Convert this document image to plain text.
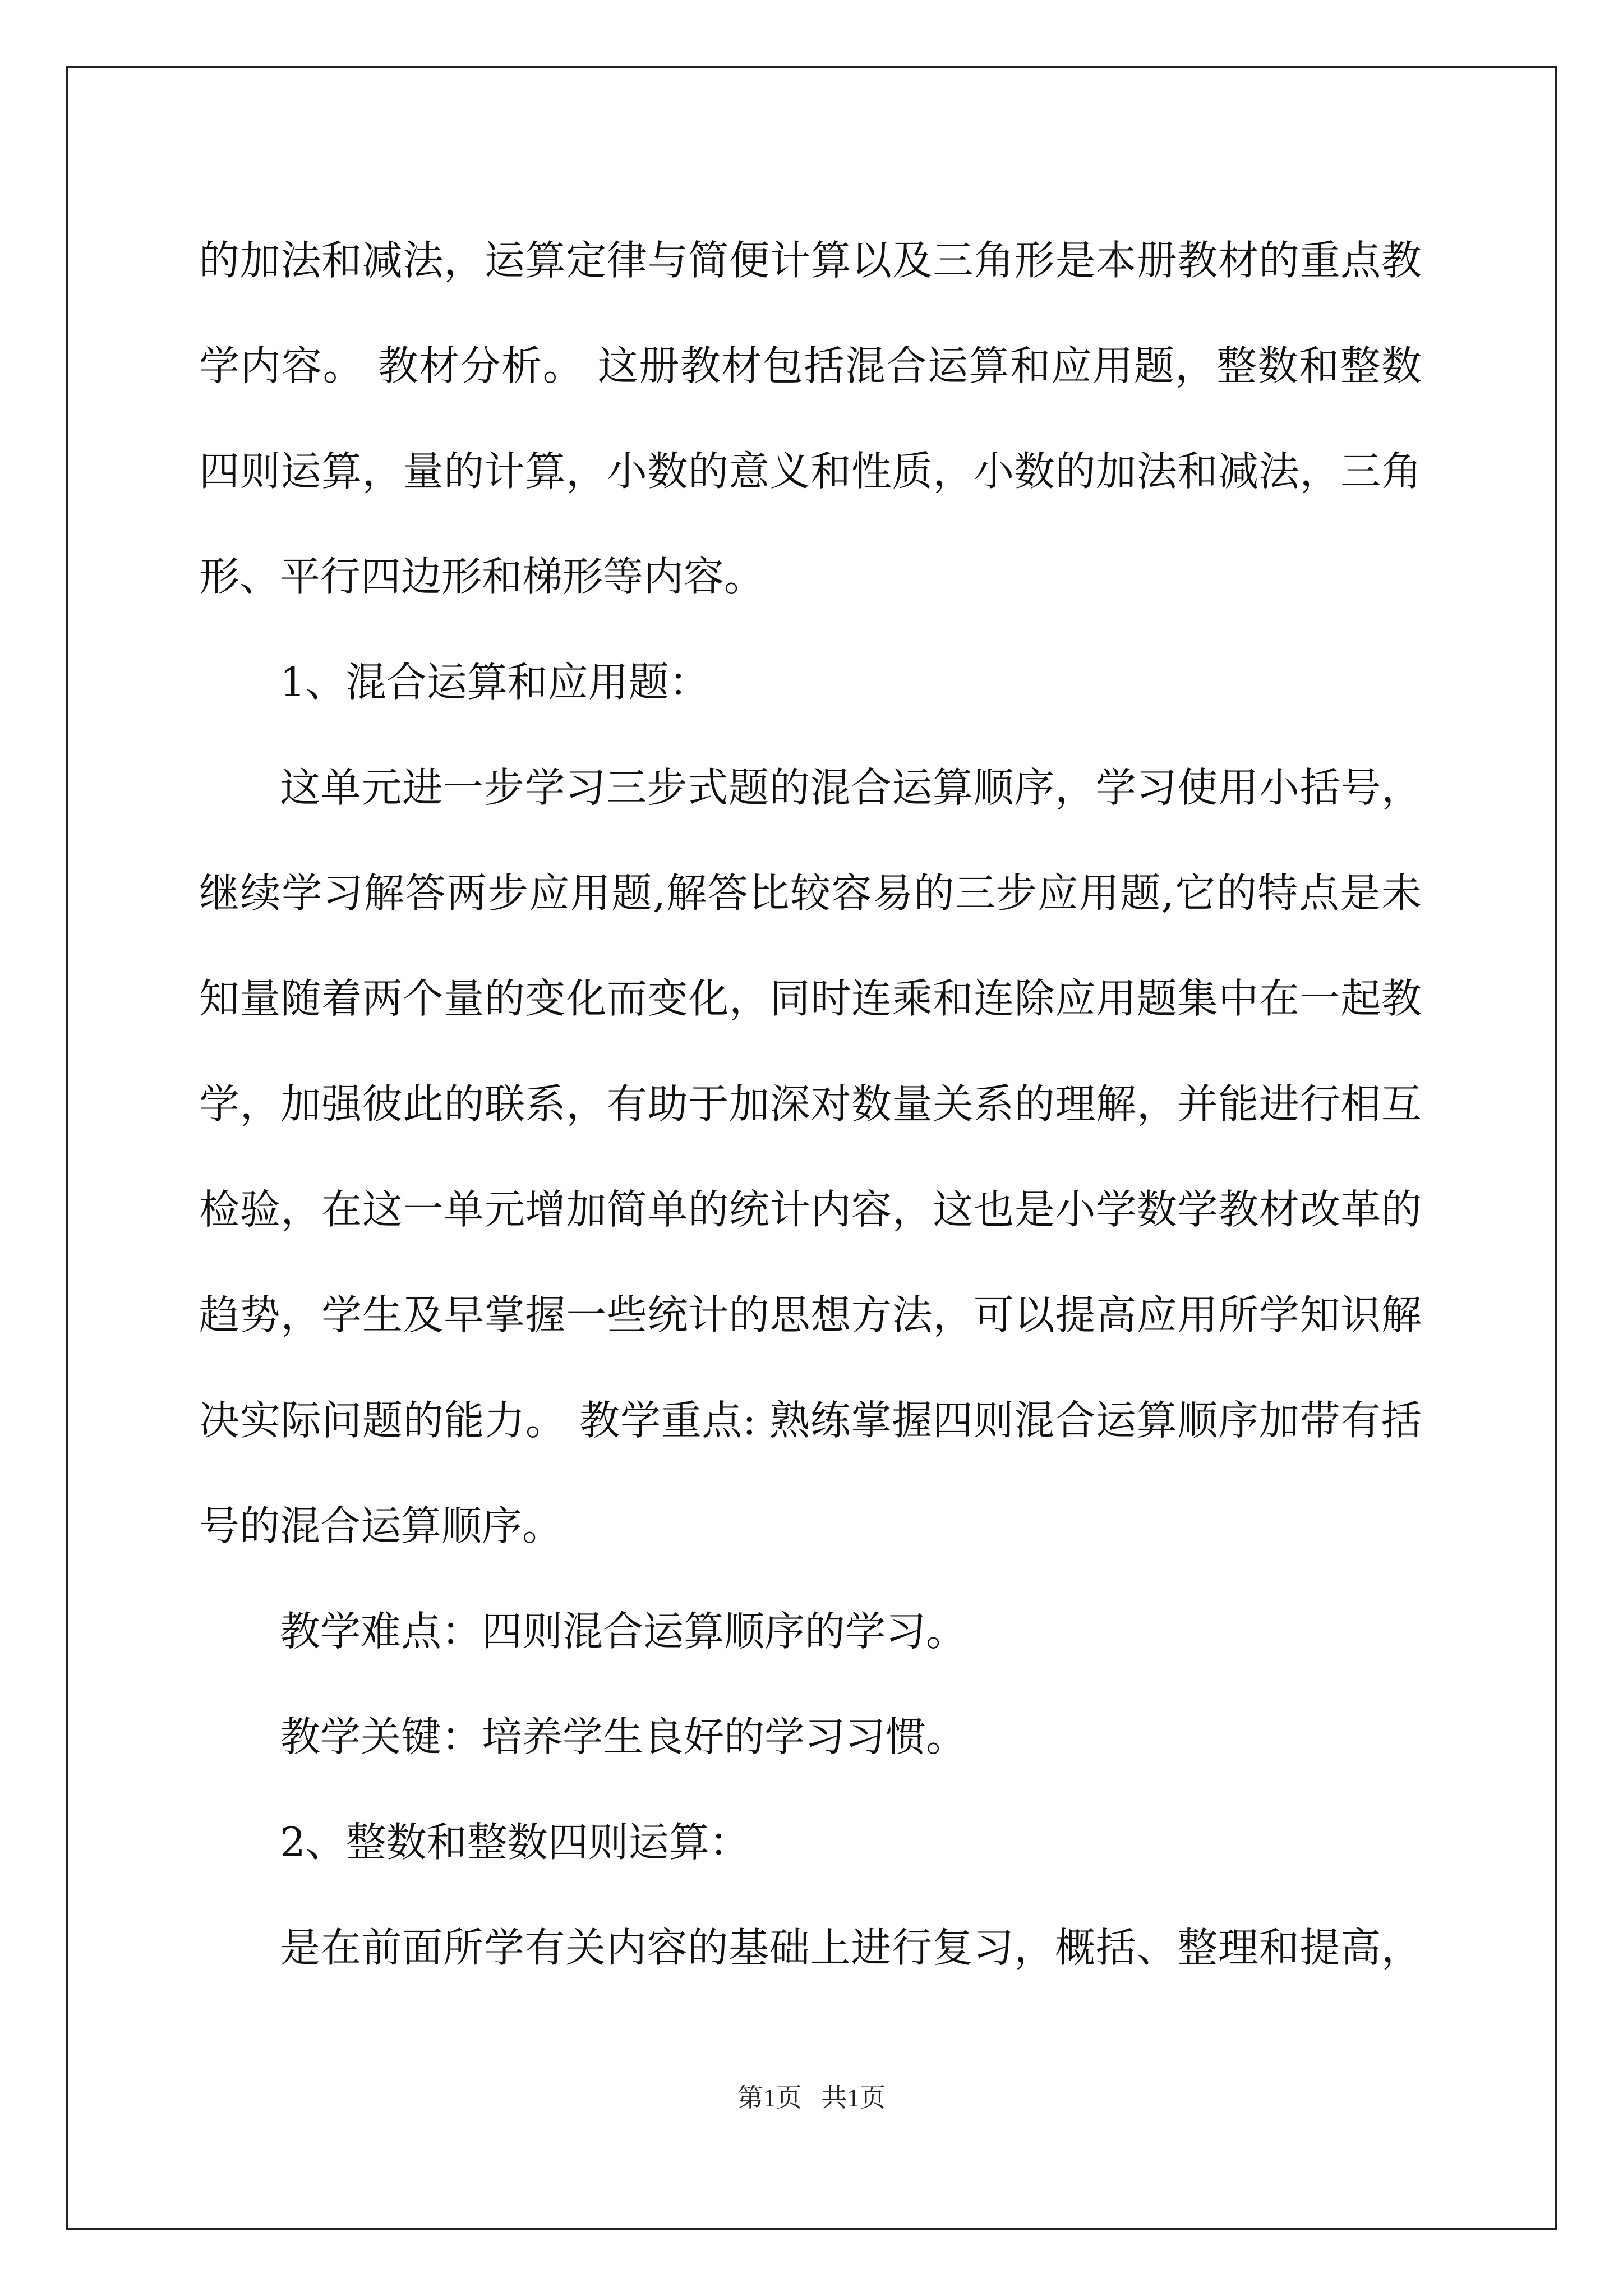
的加法和减法，运算定律与简便计算以及三角形是本册教材的重点教
学内容。 教材分析。 这册教材包括混合运算和应用题，整数和整数
四则运算，量的计算，小数的意义和性质，小数的加法和减法，三角
形、平行四边形和梯形等内容。
1、混合运算和应用题：
这单元进一步学习三步式题的混合运算顺序，学习使用小括号，
继续学习解答两步应用题,解答比较容易的三步应用题,它的特点是未
知量随着两个量的变化而变化，同时连乘和连除应用题集中在一起教
学，加强彼此的联系，有助于加深对数量关系的理解，并能进行相互
检验，在这一单元增加简单的统计内容，这也是小学数学教材改革的
趋势，学生及早掌握一些统计的思想方法，可以提高应用所学知识解
决实际问题的能力。 教学重点: 熟练掌握四则混合运算顺序加带有括
号的混合运算顺序。
教学难点：四则混合运算顺序的学习。
教学关键：培养学生良好的学习习惯。
2、整数和整数四则运算：
是在前面所学有关内容的基础上进行复习，概括、整理和提高，
第1页   共1页
